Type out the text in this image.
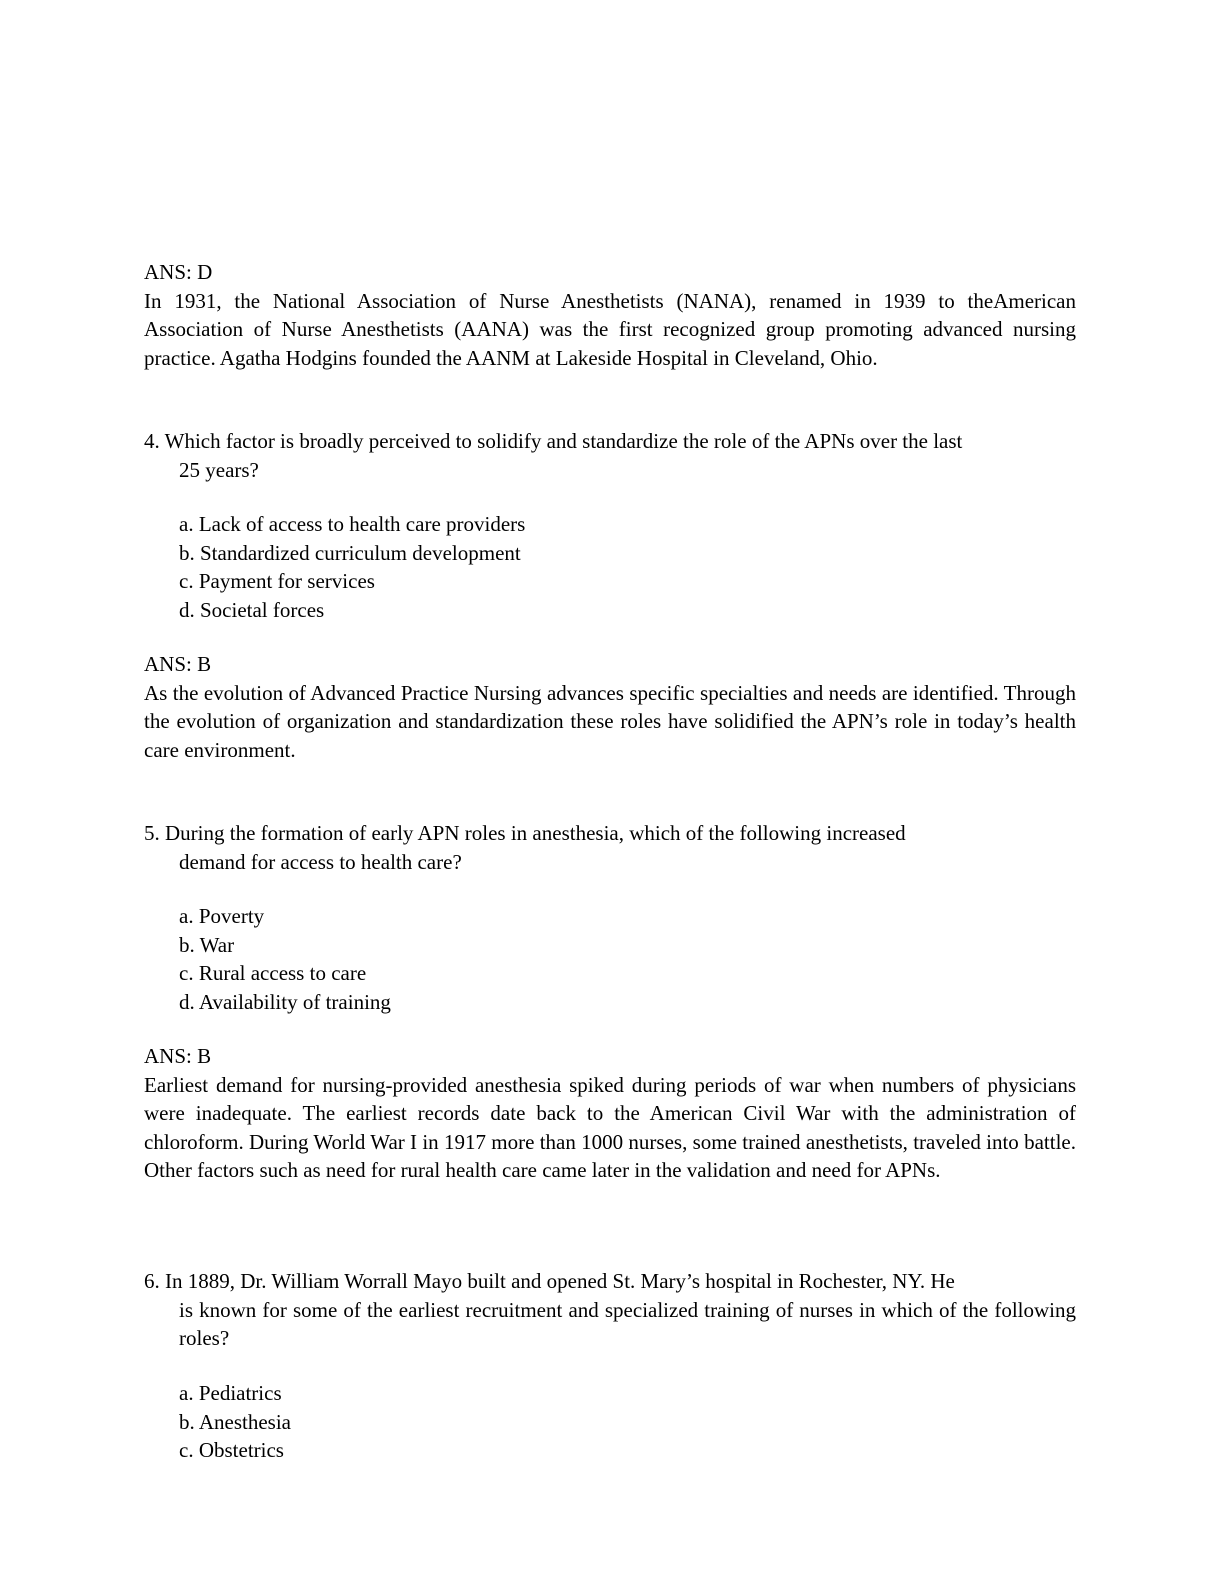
ANS: D
In 1931, the National Association of Nurse Anesthetists (NANA), renamed in 1939 to theAmerican Association of Nurse Anesthetists (AANA) was the first recognized group promoting advanced nursing practice. Agatha Hodgins founded the AANM at Lakeside Hospital in Cleveland, Ohio.
4. Which factor is broadly perceived to solidify and standardize the role of the APNs over the last
25 years?
a. Lack of access to health care providers
b. Standardized curriculum development
c. Payment for services
d. Societal forces
ANS: B
As the evolution of Advanced Practice Nursing advances specific specialties and needs are identified. Through the evolution of organization and standardization these roles have solidified the APN’s role in today’s health care environment.
5. During the formation of early APN roles in anesthesia, which of the following increased
demand for access to health care?
a. Poverty
b. War
c. Rural access to care
d. Availability of training
ANS: B
Earliest demand for nursing-provided anesthesia spiked during periods of war when numbers of physicians were inadequate. The earliest records date back to the American Civil War with the administration of chloroform. During World War I in 1917 more than 1000 nurses, some trained anesthetists, traveled into battle. Other factors such as need for rural health care came later in the validation and need for APNs.
6. In 1889, Dr. William Worrall Mayo built and opened St. Mary’s hospital in Rochester, NY. He
is known for some of the earliest recruitment and specialized training of nurses in which of the following roles?
a. Pediatrics
b. Anesthesia
c. Obstetrics
